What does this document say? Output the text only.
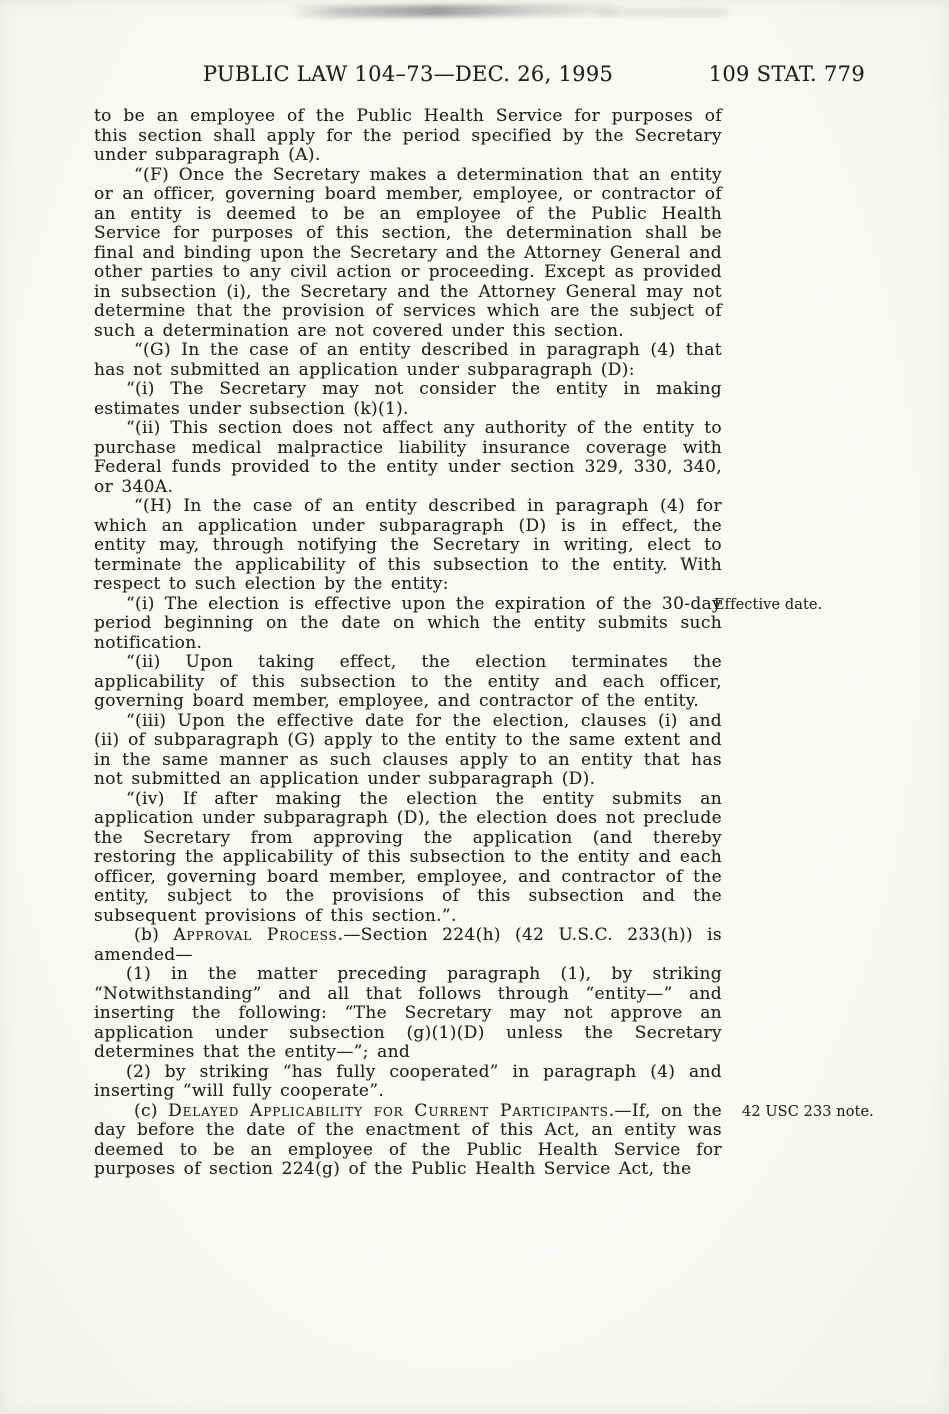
PUBLIC LAW 104–73—DEC. 26, 1995	109 STAT. 779

to be an employee of the Public Health Service for purposes of this section shall apply for the period specified by the Secretary under subparagraph (A).

“(F) Once the Secretary makes a determination that an entity or an officer, governing board member, employee, or contractor of an entity is deemed to be an employee of the Public Health Service for purposes of this section, the determination shall be final and binding upon the Secretary and the Attorney General and other parties to any civil action or proceeding. Except as provided in subsection (i), the Secretary and the Attorney General may not determine that the provision of services which are the subject of such a determination are not covered under this section.

“(G) In the case of an entity described in paragraph (4) that has not submitted an application under subparagraph (D):

“(i) The Secretary may not consider the entity in making estimates under subsection (k)(1).

“(ii) This section does not affect any authority of the entity to purchase medical malpractice liability insurance coverage with Federal funds provided to the entity under section 329, 330, 340, or 340A.

“(H) In the case of an entity described in paragraph (4) for which an application under subparagraph (D) is in effect, the entity may, through notifying the Secretary in writing, elect to terminate the applicability of this subsection to the entity. With respect to such election by the entity:

Effective date.
“(i) The election is effective upon the expiration of the 30-day period beginning on the date on which the entity submits such notification.

“(ii) Upon taking effect, the election terminates the applicability of this subsection to the entity and each officer, governing board member, employee, and contractor of the entity.

“(iii) Upon the effective date for the election, clauses (i) and (ii) of subparagraph (G) apply to the entity to the same extent and in the same manner as such clauses apply to an entity that has not submitted an application under subparagraph (D).

“(iv) If after making the election the entity submits an application under subparagraph (D), the election does not preclude the Secretary from approving the application (and thereby restoring the applicability of this subsection to the entity and each officer, governing board member, employee, and contractor of the entity, subject to the provisions of this subsection and the subsequent provisions of this section.”.

(b) Approval Process.—Section 224(h) (42 U.S.C. 233(h)) is amended—

(1) in the matter preceding paragraph (1), by striking “Notwithstanding” and all that follows through “entity—” and inserting the following: “The Secretary may not approve an application under subsection (g)(1)(D) unless the Secretary determines that the entity—”; and

(2) by striking “has fully cooperated” in paragraph (4) and inserting “will fully cooperate”.

42 USC 233 note.
(c) Delayed Applicability for Current Participants.—If, on the day before the date of the enactment of this Act, an entity was deemed to be an employee of the Public Health Service for purposes of section 224(g) of the Public Health Service Act, the
